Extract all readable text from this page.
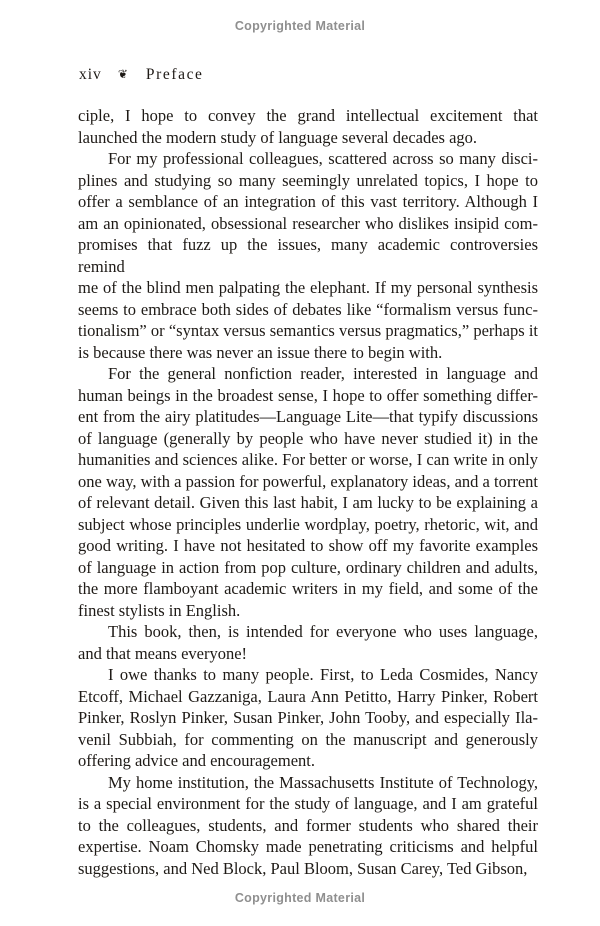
Copyrighted Material
xiv ❦ Preface

ciple, I hope to convey the grand intellectual excitement that
launched the modern study of language several decades ago.

For my professional colleagues, scattered across so many disci-
plines and studying so many seemingly unrelated topics, I hope to
offer a semblance of an integration of this vast territory. Although I
am an opinionated, obsessional researcher who dislikes insipid com-
promises that fuzz up the issues, many academic controversies remind
me of the blind men palpating the elephant. If my personal synthesis
seems to embrace both sides of debates like “formalism versus func-
tionalism” or “syntax versus semantics versus pragmatics,” perhaps it
is because there was never an issue there to begin with.

For the general nonfiction reader, interested in language and
human beings in the broadest sense, I hope to offer something differ-
ent from the airy platitudes—Language Lite—that typify discussions
of language (generally by people who have never studied it) in the
humanities and sciences alike. For better or worse, I can write in only
one way, with a passion for powerful, explanatory ideas, and a torrent
of relevant detail. Given this last habit, I am lucky to be explaining a
subject whose principles underlie wordplay, poetry, rhetoric, wit, and
good writing. I have not hesitated to show off my favorite examples
of language in action from pop culture, ordinary children and adults,
the more flamboyant academic writers in my field, and some of the
finest stylists in English.

This book, then, is intended for everyone who uses language,
and that means everyone!

I owe thanks to many people. First, to Leda Cosmides, Nancy
Etcoff, Michael Gazzaniga, Laura Ann Petitto, Harry Pinker, Robert
Pinker, Roslyn Pinker, Susan Pinker, John Tooby, and especially Ila-
venil Subbiah, for commenting on the manuscript and generously
offering advice and encouragement.

My home institution, the Massachusetts Institute of Technology,
is a special environment for the study of language, and I am grateful
to the colleagues, students, and former students who shared their
expertise. Noam Chomsky made penetrating criticisms and helpful
suggestions, and Ned Block, Paul Bloom, Susan Carey, Ted Gibson,

Copyrighted Material
